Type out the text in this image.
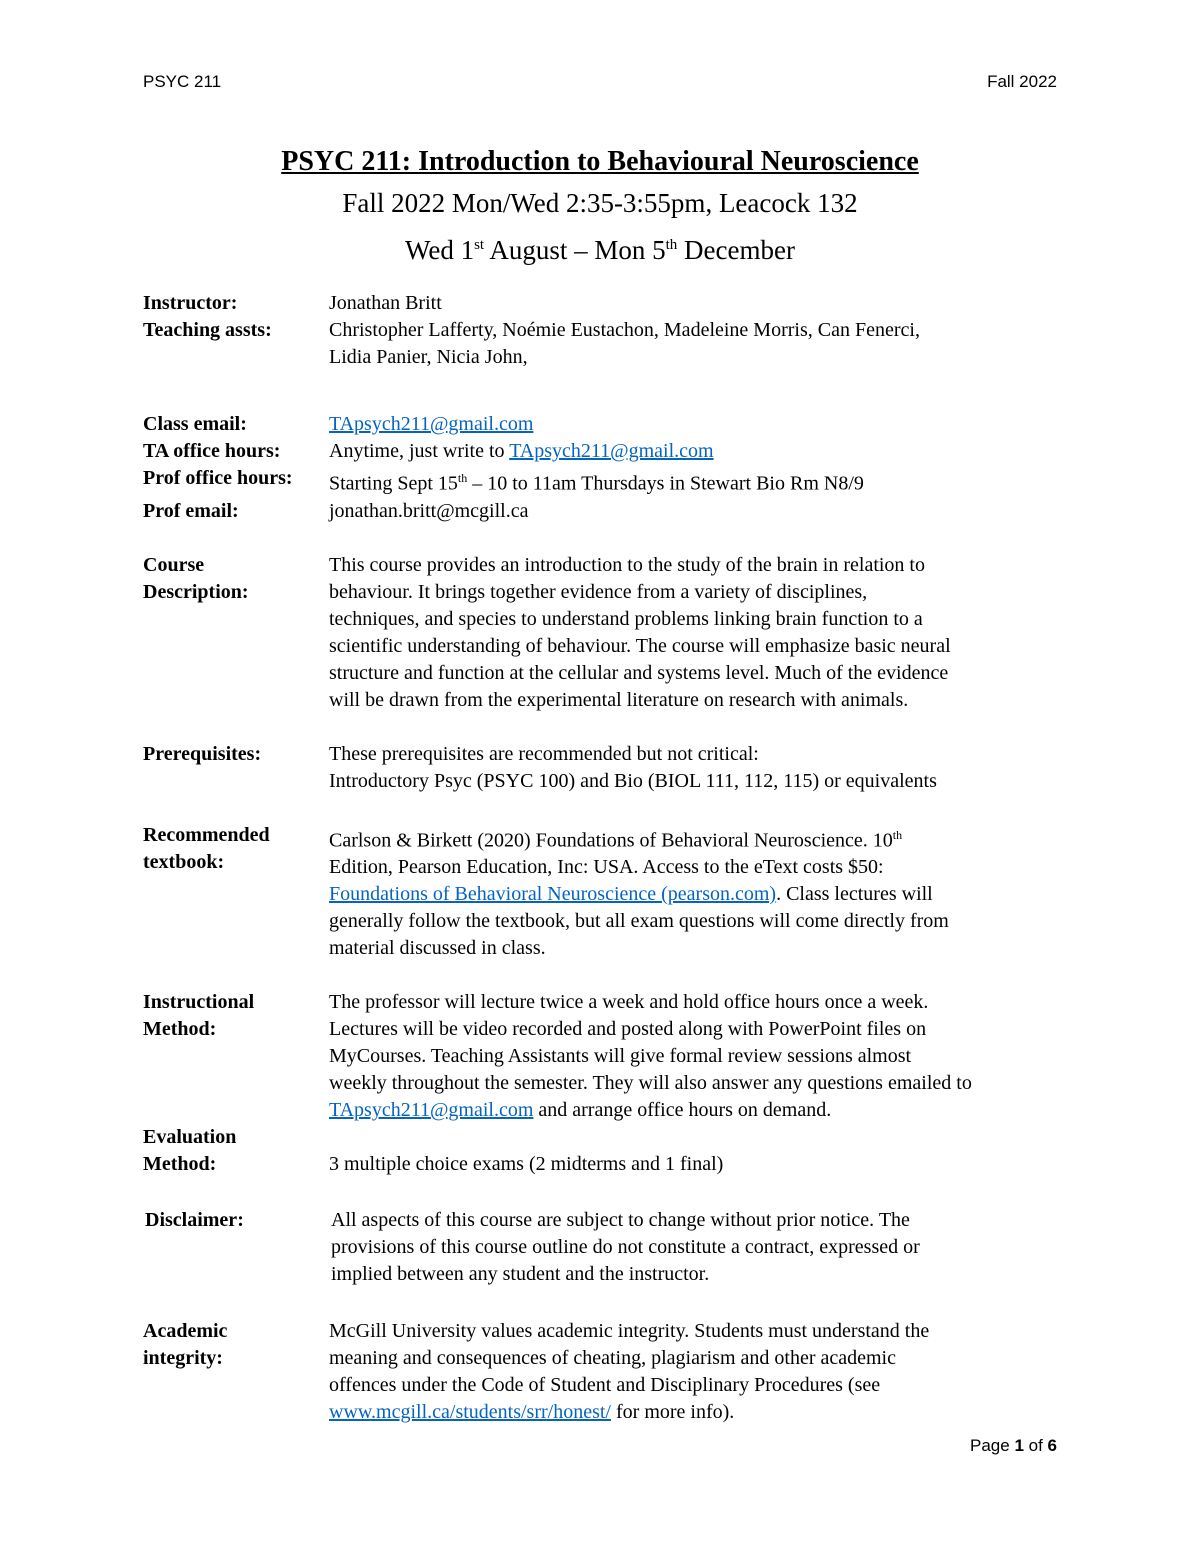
PSYC 211	Fall 2022
PSYC 211: Introduction to Behavioural Neuroscience
Fall 2022 Mon/Wed 2:35-3:55pm, Leacock 132
Wed 1st August – Mon 5th December
Instructor:	Jonathan Britt
Teaching assts:	Christopher Lafferty, Noémie Eustachon, Madeleine Morris, Can Fenerci,
Lidia Panier, Nicia John,
Class email:	TApsych211@gmail.com
TA office hours:	Anytime, just write to TApsych211@gmail.com
Prof office hours:	Starting Sept 15th – 10 to 11am Thursdays in Stewart Bio Rm N8/9
Prof email:	jonathan.britt@mcgill.ca
Course
Description:
This course provides an introduction to the study of the brain in relation to
behaviour. It brings together evidence from a variety of disciplines,
techniques, and species to understand problems linking brain function to a
scientific understanding of behaviour. The course will emphasize basic neural
structure and function at the cellular and systems level. Much of the evidence
will be drawn from the experimental literature on research with animals.
Prerequisites:	These prerequisites are recommended but not critical:
Introductory Psyc (PSYC 100) and Bio (BIOL 111, 112, 115) or equivalents
Recommended
textbook:
Carlson & Birkett (2020) Foundations of Behavioral Neuroscience. 10th
Edition, Pearson Education, Inc: USA. Access to the eText costs $50:
Foundations of Behavioral Neuroscience (pearson.com). Class lectures will
generally follow the textbook, but all exam questions will come directly from
material discussed in class.
Instructional
Method:
The professor will lecture twice a week and hold office hours once a week.
Lectures will be video recorded and posted along with PowerPoint files on
MyCourses. Teaching Assistants will give formal review sessions almost
weekly throughout the semester. They will also answer any questions emailed to
TApsych211@gmail.com and arrange office hours on demand.
Evaluation
Method:	3 multiple choice exams (2 midterms and 1 final)
Disclaimer:	All aspects of this course are subject to change without prior notice. The
provisions of this course outline do not constitute a contract, expressed or
implied between any student and the instructor.
Academic
integrity:
McGill University values academic integrity. Students must understand the
meaning and consequences of cheating, plagiarism and other academic
offences under the Code of Student and Disciplinary Procedures (see
www.mcgill.ca/students/srr/honest/ for more info).
Page 1 of 6
